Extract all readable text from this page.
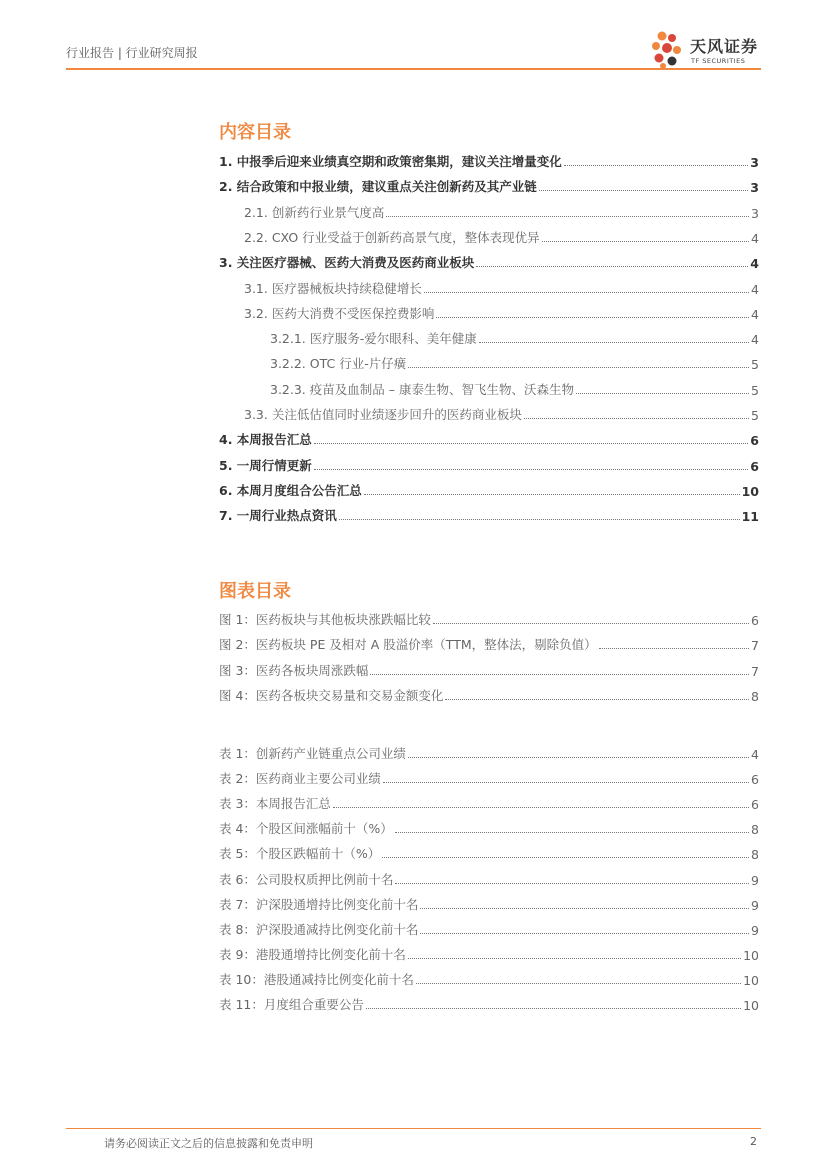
行业报告 | 行业研究周报	天风证券
TF SECURITIES
内容目录
1. 中报季后迎来业绩真空期和政策密集期，建议关注增量变化	3
2. 结合政策和中报业绩，建议重点关注创新药及其产业链	3
2.1. 创新药行业景气度高	3
2.2. CXO 行业受益于创新药高景气度，整体表现优异	4
3. 关注医疗器械、医药大消费及医药商业板块	4
3.1. 医疗器械板块持续稳健增长	4
3.2. 医药大消费不受医保控费影响	4
3.2.1. 医疗服务-爱尔眼科、美年健康	4
3.2.2. OTC 行业-片仔癀	5
3.2.3. 疫苗及血制品 – 康泰生物、智飞生物、沃森生物	5
3.3. 关注低估值同时业绩逐步回升的医药商业板块	5
4. 本周报告汇总	6
5. 一周行情更新	6
6. 本周月度组合公告汇总	10
7. 一周行业热点资讯	11
图表目录
图 1：医药板块与其他板块涨跌幅比较	6
图 2：医药板块 PE 及相对 A 股溢价率（TTM，整体法，剔除负值）	7
图 3：医药各板块周涨跌幅	7
图 4：医药各板块交易量和交易金额变化	8
表 1：创新药产业链重点公司业绩	4
表 2：医药商业主要公司业绩	6
表 3：本周报告汇总	6
表 4：个股区间涨幅前十（%）	8
表 5：个股区跌幅前十（%）	8
表 6：公司股权质押比例前十名	9
表 7：沪深股通增持比例变化前十名	9
表 8：沪深股通减持比例变化前十名	9
表 9：港股通增持比例变化前十名	10
表 10：港股通减持比例变化前十名	10
表 11：月度组合重要公告	10
请务必阅读正文之后的信息披露和免责申明	2
